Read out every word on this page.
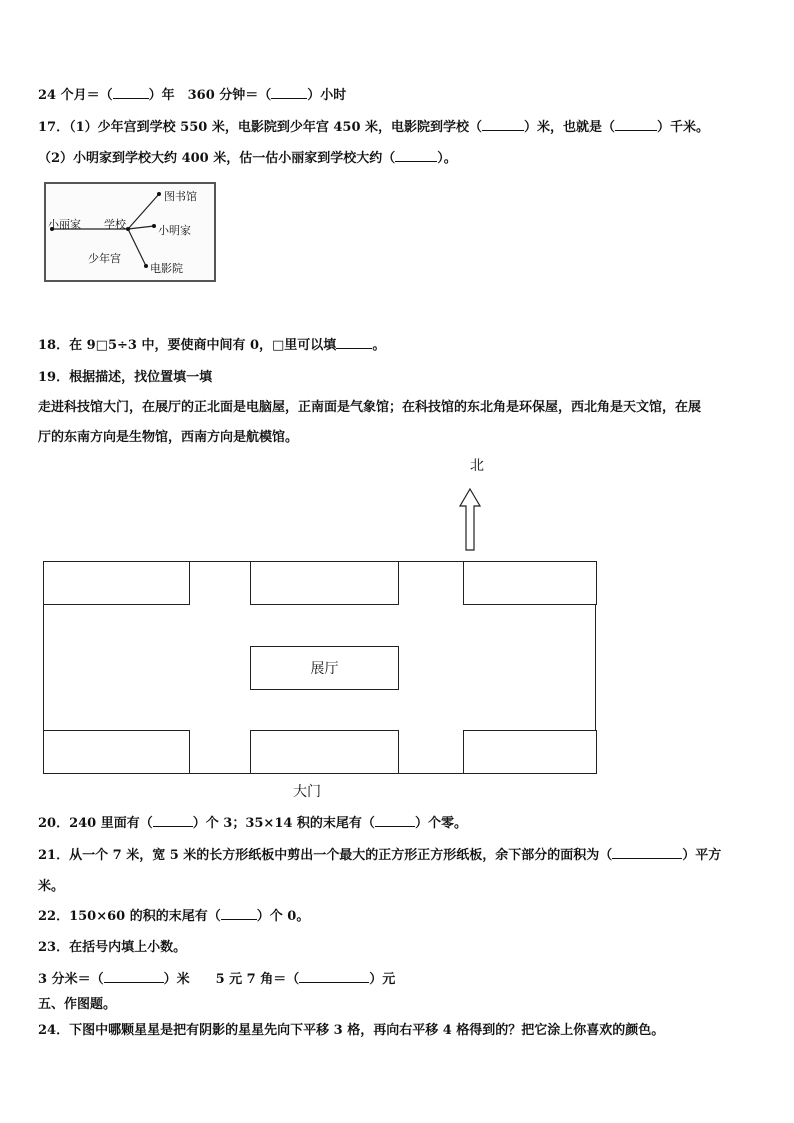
24 个月＝（	）年　360 分钟＝（	）小时
17．（1）少年宫到学校 550 米，电影院到少年宫 450 米，电影院到学校（	）米，也就是（	）千米。
（2）小明家到学校大约 400 米，估一估小丽家到学校大约（	）。
图书馆
小丽家 学校	小明家
少年宫
电影院
18．在 9□5÷3 中，要使商中间有 0，□里可以填	。
19．根据描述，找位置填一填
走进科技馆大门，在展厅的正北面是电脑屋，正南面是气象馆；在科技馆的东北角是环保屋，西北角是天文馆，在展
厅的东南方向是生物馆，西南方向是航模馆。
北
展厅
大门
20．240 里面有（	）个 3；35×14 积的末尾有（	）个零。
21．从一个 7 米，宽 5 米的长方形纸板中剪出一个最大的正方形正方形纸板，余下部分的面积为（	）平方
米。
22．150×60 的积的末尾有（	）个 0。
23．在括号内填上小数。
3 分米＝（	）米　　5 元 7 角＝（	）元
五、作图题。
24．下图中哪颗星星是把有阴影的星星先向下平移 3 格，再向右平移 4 格得到的？把它涂上你喜欢的颜色。
